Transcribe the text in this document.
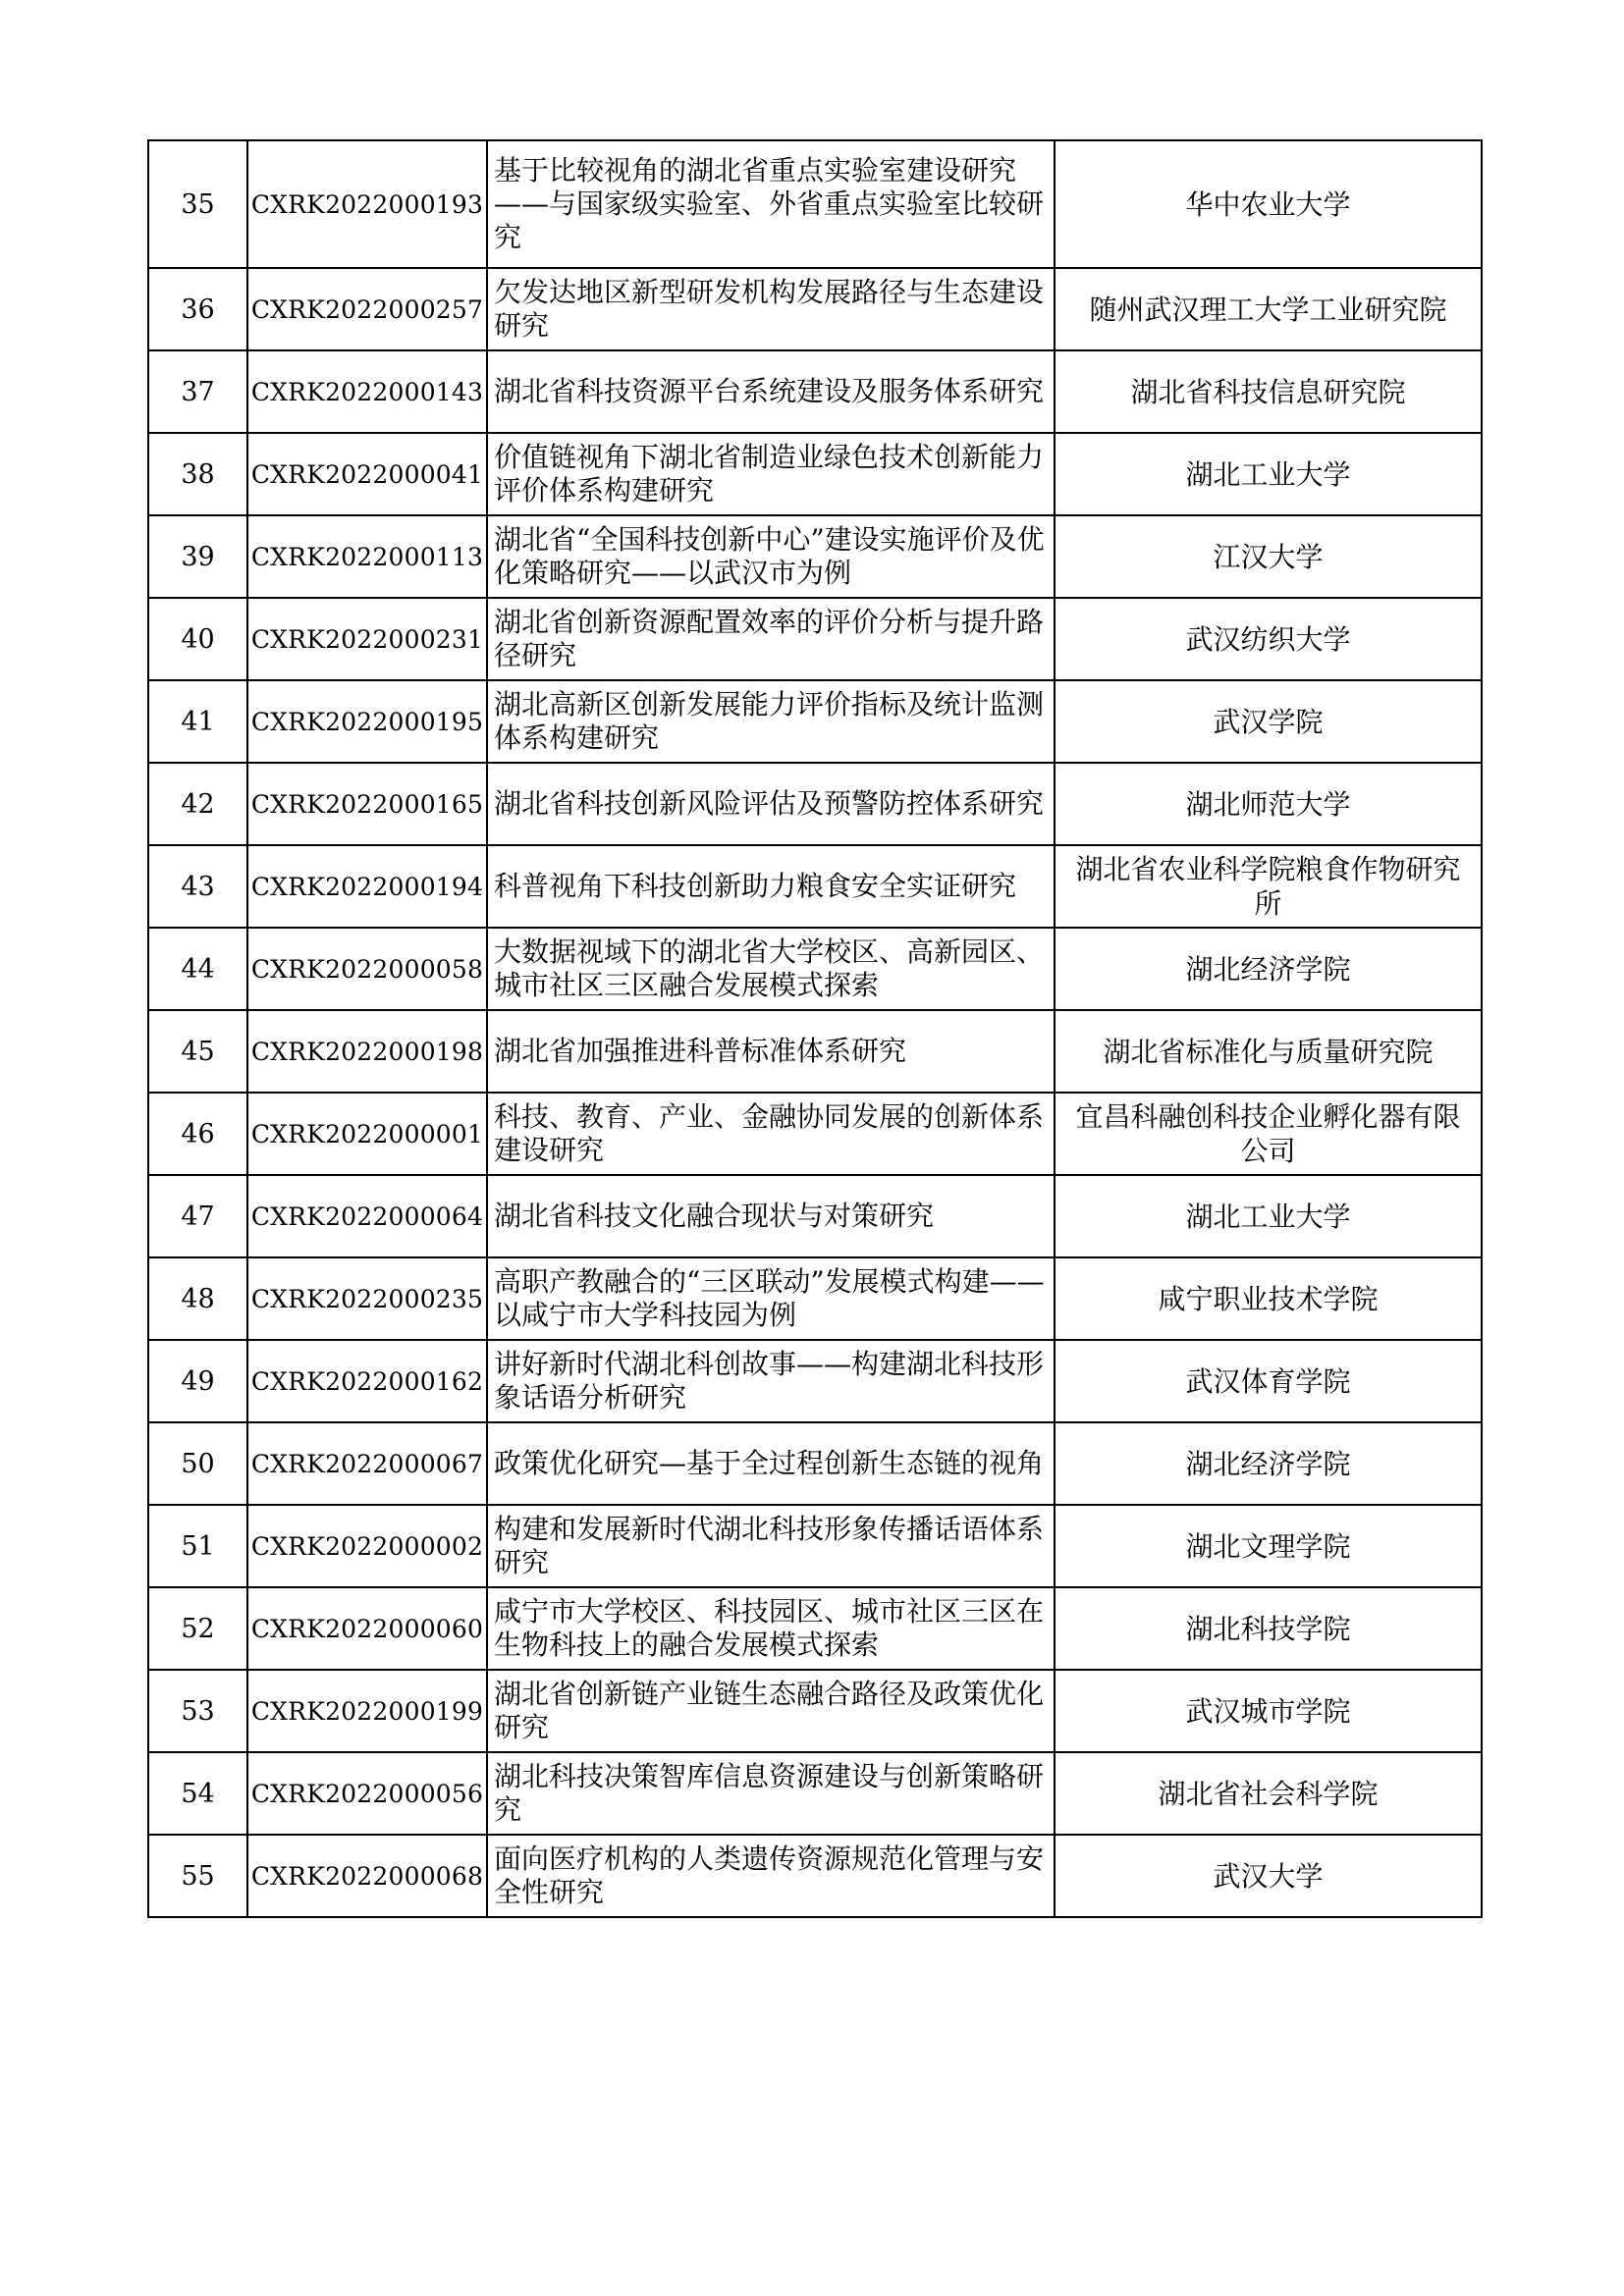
35	CXRK2022000193	基于比较视角的湖北省重点实验室建设研究 ——与国家级实验室、外省重点实验室比较研究	华中农业大学
36	CXRK2022000257	欠发达地区新型研发机构发展路径与生态建设研究	随州武汉理工大学工业研究院
37	CXRK2022000143	湖北省科技资源平台系统建设及服务体系研究	湖北省科技信息研究院
38	CXRK2022000041	价值链视角下湖北省制造业绿色技术创新能力评价体系构建研究	湖北工业大学
39	CXRK2022000113	湖北省“全国科技创新中心”建设实施评价及优化策略研究——以武汉市为例	江汉大学
40	CXRK2022000231	湖北省创新资源配置效率的评价分析与提升路径研究	武汉纺织大学
41	CXRK2022000195	湖北高新区创新发展能力评价指标及统计监测体系构建研究	武汉学院
42	CXRK2022000165	湖北省科技创新风险评估及预警防控体系研究	湖北师范大学
43	CXRK2022000194	科普视角下科技创新助力粮食安全实证研究	湖北省农业科学院粮食作物研究所
44	CXRK2022000058	大数据视域下的湖北省大学校区、高新园区、城市社区三区融合发展模式探索	湖北经济学院
45	CXRK2022000198	湖北省加强推进科普标准体系研究	湖北省标准化与质量研究院
46	CXRK2022000001	科技、教育、产业、金融协同发展的创新体系建设研究	宜昌科融创科技企业孵化器有限公司
47	CXRK2022000064	湖北省科技文化融合现状与对策研究	湖北工业大学
48	CXRK2022000235	高职产教融合的“三区联动”发展模式构建——以咸宁市大学科技园为例	咸宁职业技术学院
49	CXRK2022000162	讲好新时代湖北科创故事——构建湖北科技形象话语分析研究	武汉体育学院
50	CXRK2022000067	政策优化研究—基于全过程创新生态链的视角	湖北经济学院
51	CXRK2022000002	构建和发展新时代湖北科技形象传播话语体系研究	湖北文理学院
52	CXRK2022000060	咸宁市大学校区、科技园区、城市社区三区在生物科技上的融合发展模式探索	湖北科技学院
53	CXRK2022000199	湖北省创新链产业链生态融合路径及政策优化研究	武汉城市学院
54	CXRK2022000056	湖北科技决策智库信息资源建设与创新策略研究	湖北省社会科学院
55	CXRK2022000068	面向医疗机构的人类遗传资源规范化管理与安全性研究	武汉大学
